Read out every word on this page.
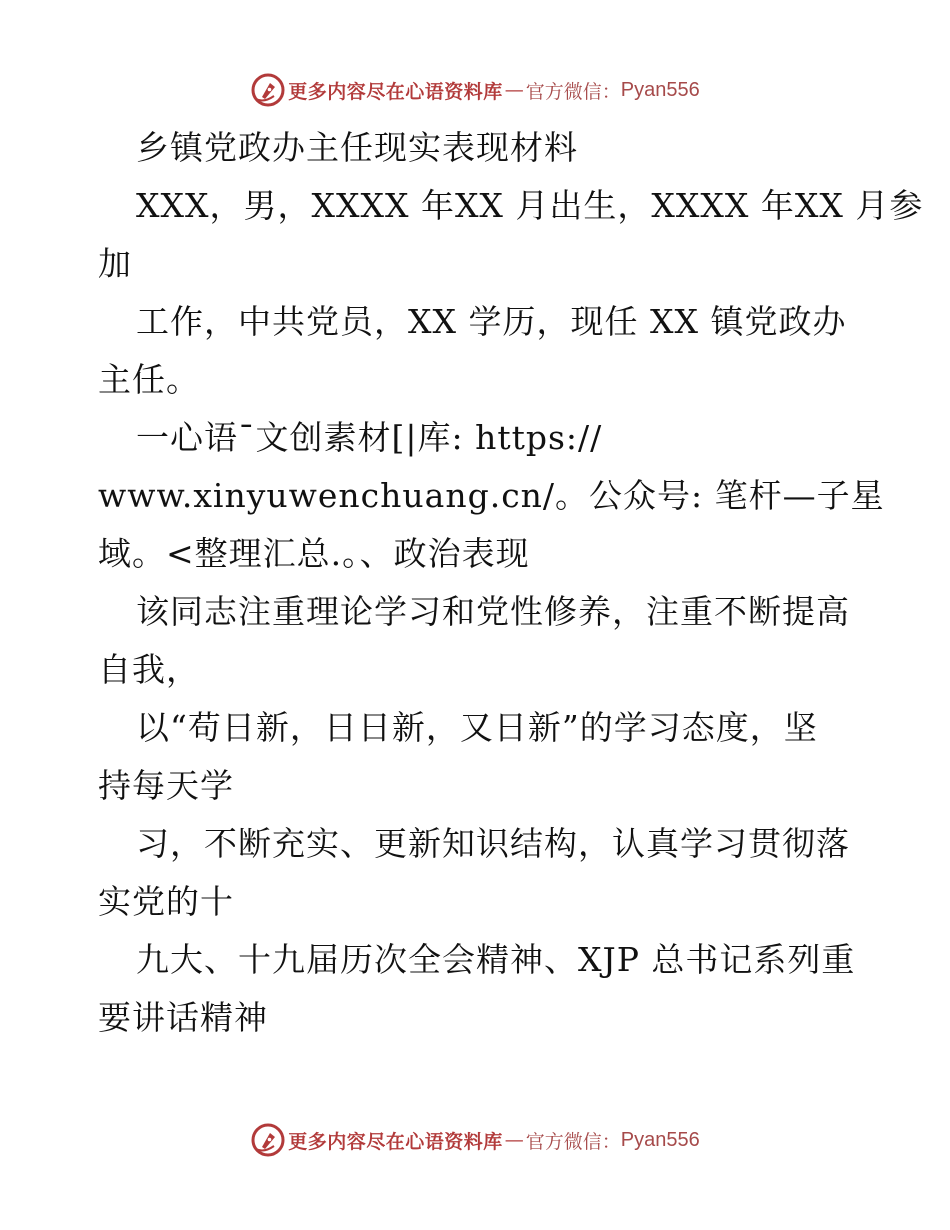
更多内容尽在心语资料库 — 官方微信： Pyan556
乡镇党政办主任现实表现材料
XXX，男，XXXX 年XX 月出生，XXXX 年XX 月参
加
工作，中共党员，XX 学历，现任 XX 镇党政办
主任。
一心语¯文创素材[|库: https://
www.xinyuwenchuang.cn/。公众号: 笔杆—子星
域。<整理汇总.。、政治表现
该同志注重理论学习和党性修养，注重不断提高
自我，
以“苟日新，日日新，又日新”的学习态度，坚
持每天学
习，不断充实、更新知识结构，认真学习贯彻落
实党的十
九大、十九届历次全会精神、XJP 总书记系列重
要讲话精神
更多内容尽在心语资料库 — 官方微信： Pyan556
